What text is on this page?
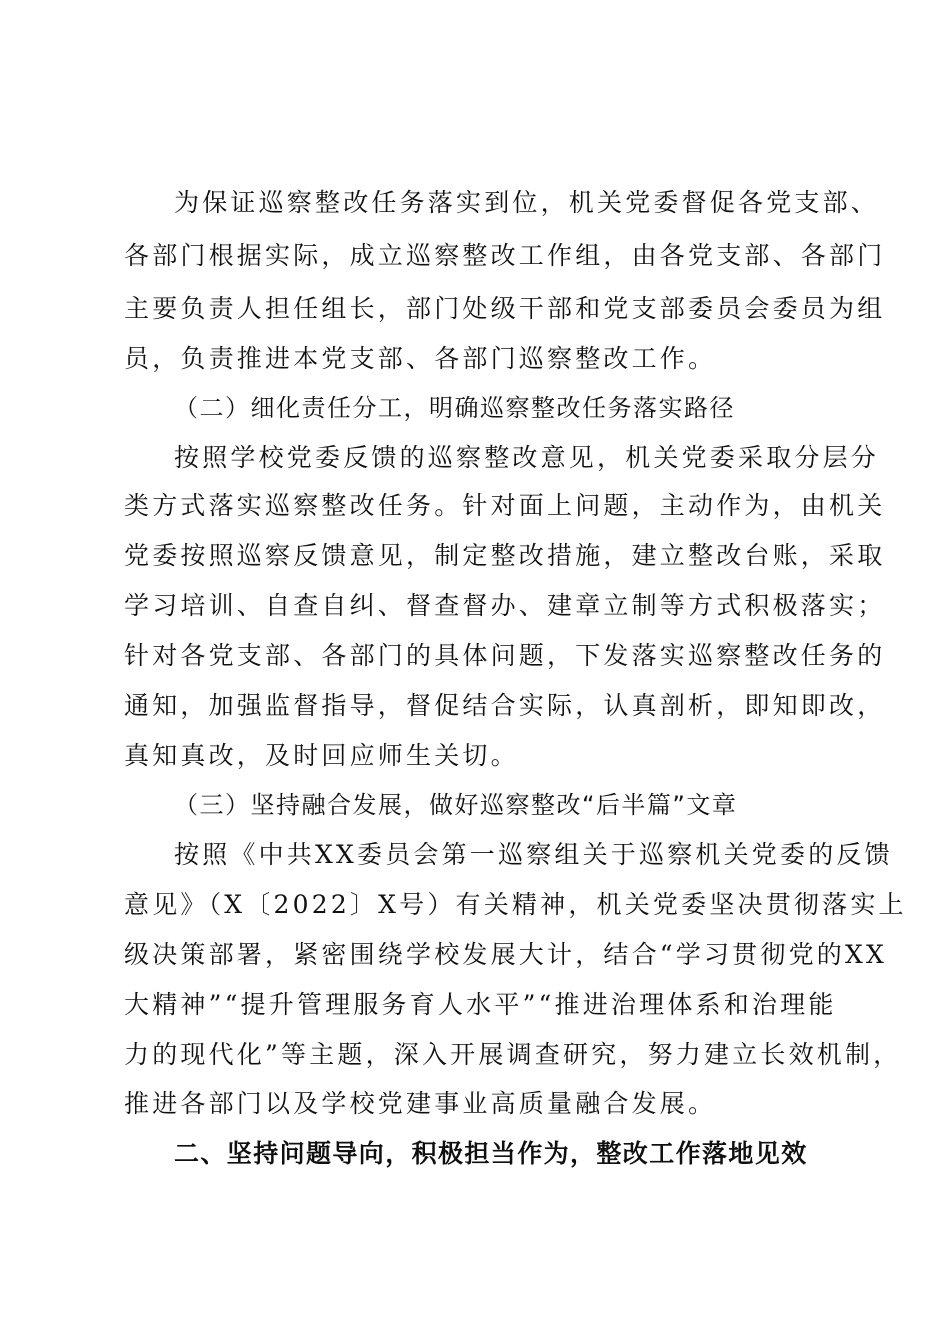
为保证巡察整改任务落实到位，机关党委督促各党支部、

各部门根据实际，成立巡察整改工作组，由各党支部、各部门

主要负责人担任组长，部门处级干部和党支部委员会委员为组

员，负责推进本党支部、各部门巡察整改工作。

（二）细化责任分工，明确巡察整改任务落实路径

按照学校党委反馈的巡察整改意见，机关党委采取分层分

类方式落实巡察整改任务。针对面上问题，主动作为，由机关

党委按照巡察反馈意见，制定整改措施，建立整改台账，采取

学习培训、自查自纠、督查督办、建章立制等方式积极落实；

针对各党支部、各部门的具体问题，下发落实巡察整改任务的

通知，加强监督指导，督促结合实际，认真剖析，即知即改，

真知真改，及时回应师生关切。

（三）坚持融合发展，做好巡察整改“后半篇”文章

按照《中共XX委员会第一巡察组关于巡察机关党委的反馈

意见》（X〔2022〕X号）有关精神，机关党委坚决贯彻落实上

级决策部署，紧密围绕学校发展大计，结合“学习贯彻党的XX

大精神”“提升管理服务育人水平”“推进治理体系和治理能

力的现代化”等主题，深入开展调查研究，努力建立长效机制，

推进各部门以及学校党建事业高质量融合发展。

二、坚持问题导向，积极担当作为，整改工作落地见效
